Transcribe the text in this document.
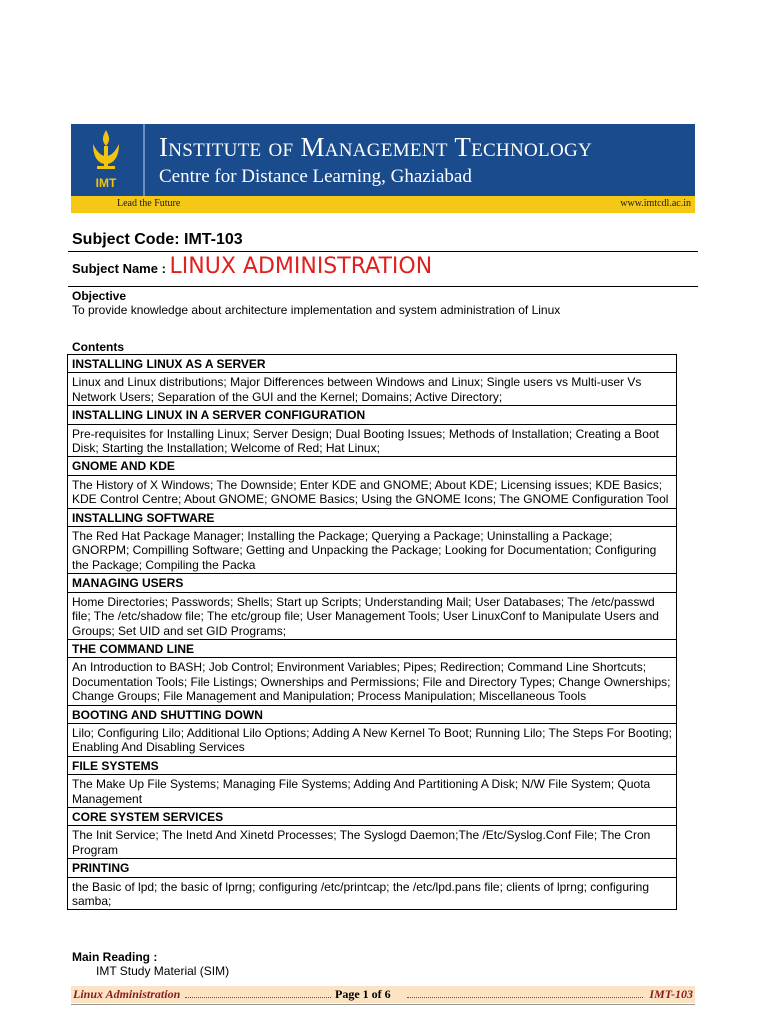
IMT
Institute of Management Technology
Centre for Distance Learning, Ghaziabad
Lead the Future	www.imtcdl.ac.in
Subject Code: IMT-103
Subject Name : LINUX ADMINISTRATION
Objective
To provide knowledge about architecture implementation and system administration of Linux
Contents
INSTALLING LINUX AS A SERVER
Linux and Linux distributions; Major Differences between Windows and Linux; Single users vs Multi-user Vs Network Users; Separation of the GUI and the Kernel; Domains; Active Directory;
INSTALLING LINUX IN A SERVER CONFIGURATION
Pre-requisites for Installing Linux; Server Design; Dual Booting Issues; Methods of Installation; Creating a Boot Disk; Starting the Installation; Welcome of Red; Hat Linux;
GNOME AND KDE
The History of X Windows; The Downside; Enter KDE and GNOME; About KDE; Licensing issues; KDE Basics; KDE Control Centre; About GNOME; GNOME Basics; Using the GNOME Icons; The GNOME Configuration Tool
INSTALLING SOFTWARE
The Red Hat Package Manager; Installing the Package; Querying a Package; Uninstalling a Package; GNORPM; Compilling Software; Getting and Unpacking the Package; Looking for Documentation; Configuring the Package; Compiling the Packa
MANAGING USERS
Home Directories; Passwords; Shells; Start up Scripts; Understanding Mail; User Databases; The /etc/passwd file; The /etc/shadow file; The etc/group file; User Management Tools; User LinuxConf to Manipulate Users and Groups; Set UID and set GID Programs;
THE COMMAND LINE
An Introduction to BASH; Job Control; Environment Variables; Pipes; Redirection; Command Line Shortcuts; Documentation Tools; File Listings; Ownerships and Permissions; File and Directory Types; Change Ownerships; Change Groups; File Management and Manipulation; Process Manipulation; Miscellaneous Tools
BOOTING AND SHUTTING DOWN
Lilo; Configuring Lilo; Additional Lilo Options; Adding A New Kernel To Boot; Running Lilo; The Steps For Booting; Enabling And Disabling Services
FILE SYSTEMS
The Make Up File Systems; Managing File Systems; Adding And Partitioning A Disk; N/W File System; Quota Management
CORE SYSTEM SERVICES
The Init Service; The Inetd And Xinetd Processes; The Syslogd Daemon;The /Etc/Syslog.Conf File; The Cron Program
PRINTING
the Basic of lpd; the basic of lprng; configuring /etc/printcap; the /etc/lpd.pans file; clients of lprng; configuring samba;
Main Reading :
IMT Study Material (SIM)
Linux Administration	Page 1 of 6	IMT-103
